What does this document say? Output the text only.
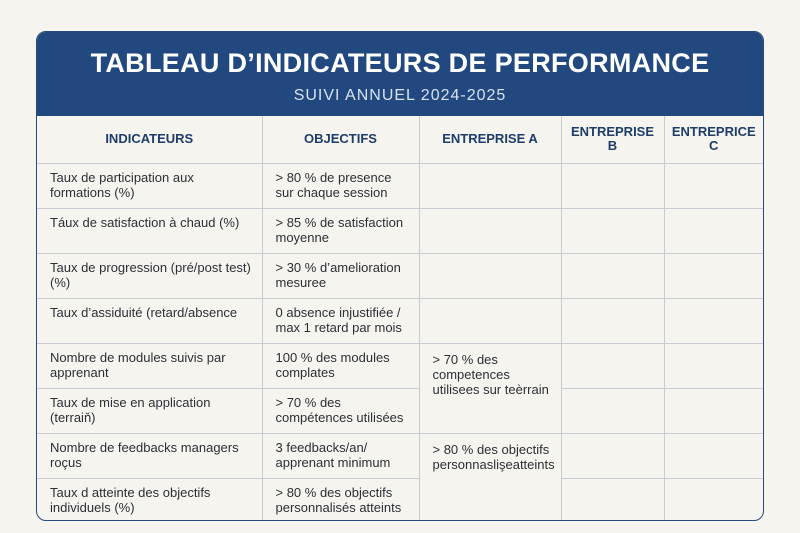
TABLEAU D’INDICATEURS DE PERFORMANCE
SUIVI ANNUEL 2024-2025
INDICATEURS	OBJECTIFS	ENTREPRISE A	ENTREPRISE B	ENTREPRICE C
Taux de participation aux formations (%)	> 80 % de presence sur chaque session			
Táux de satisfaction à chaud (%)	> 85 % de satisfaction moyenne			
Taux de progression (pré/post test) (%)	> 30 % d’amelioration mesuree			
Taux d’assiduité (retard/absence	0 absence injustifiée / max 1 retard par mois			
Nombre de modules suivis par apprenant	100 % des modules complates	> 70 % des competences utilisees sur teèrrain		
Taux de mise en application (terraiň)	> 70 % des compétences utilisées			
Nombre de feedbacks managers roçus	3 feedbacks/an/ apprenant minimum	> 80 % des objectifs personnaslişeatteints		
Taux d atteinte des objectifs individuels (%)	> 80 % des objectifs personnalisés atteints			
